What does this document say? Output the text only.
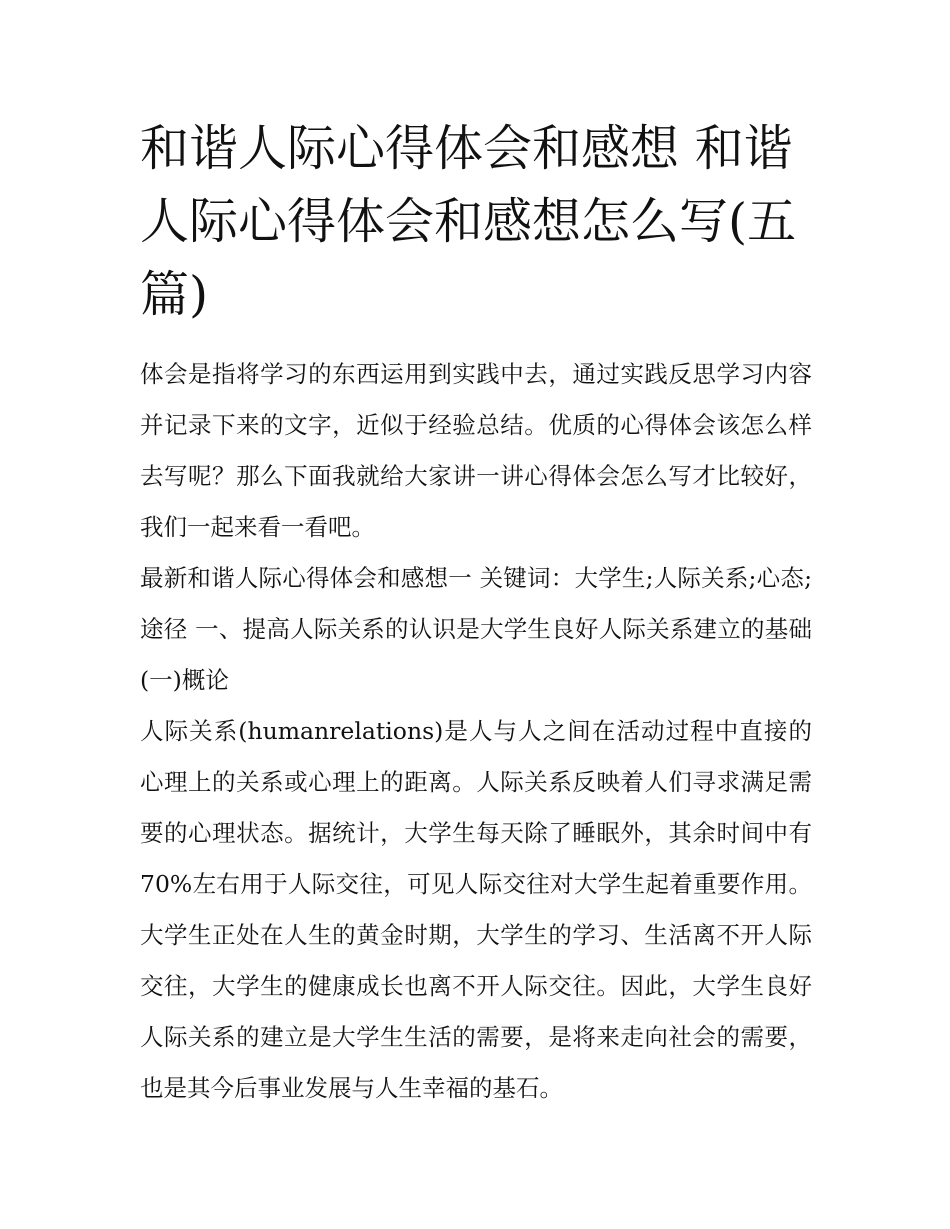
和谐人际心得体会和感想 和谐人际心得体会和感想怎么写(五篇)

体会是指将学习的东西运用到实践中去，通过实践反思学习内容并记录下来的文字，近似于经验总结。优质的心得体会该怎么样去写呢？那么下面我就给大家讲一讲心得体会怎么写才比较好，我们一起来看一看吧。

最新和谐人际心得体会和感想一 关键词：大学生;人际关系;心态;途径 一、提高人际关系的认识是大学生良好人际关系建立的基础 (一)概论

人际关系(humanrelations)是人与人之间在活动过程中直接的心理上的关系或心理上的距离。人际关系反映着人们寻求满足需要的心理状态。据统计，大学生每天除了睡眠外，其余时间中有70%左右用于人际交往，可见人际交往对大学生起着重要作用。大学生正处在人生的黄金时期，大学生的学习、生活离不开人际交往，大学生的健康成长也离不开人际交往。因此，大学生良好人际关系的建立是大学生生活的需要，是将来走向社会的需要，也是其今后事业发展与人生幸福的基石。
